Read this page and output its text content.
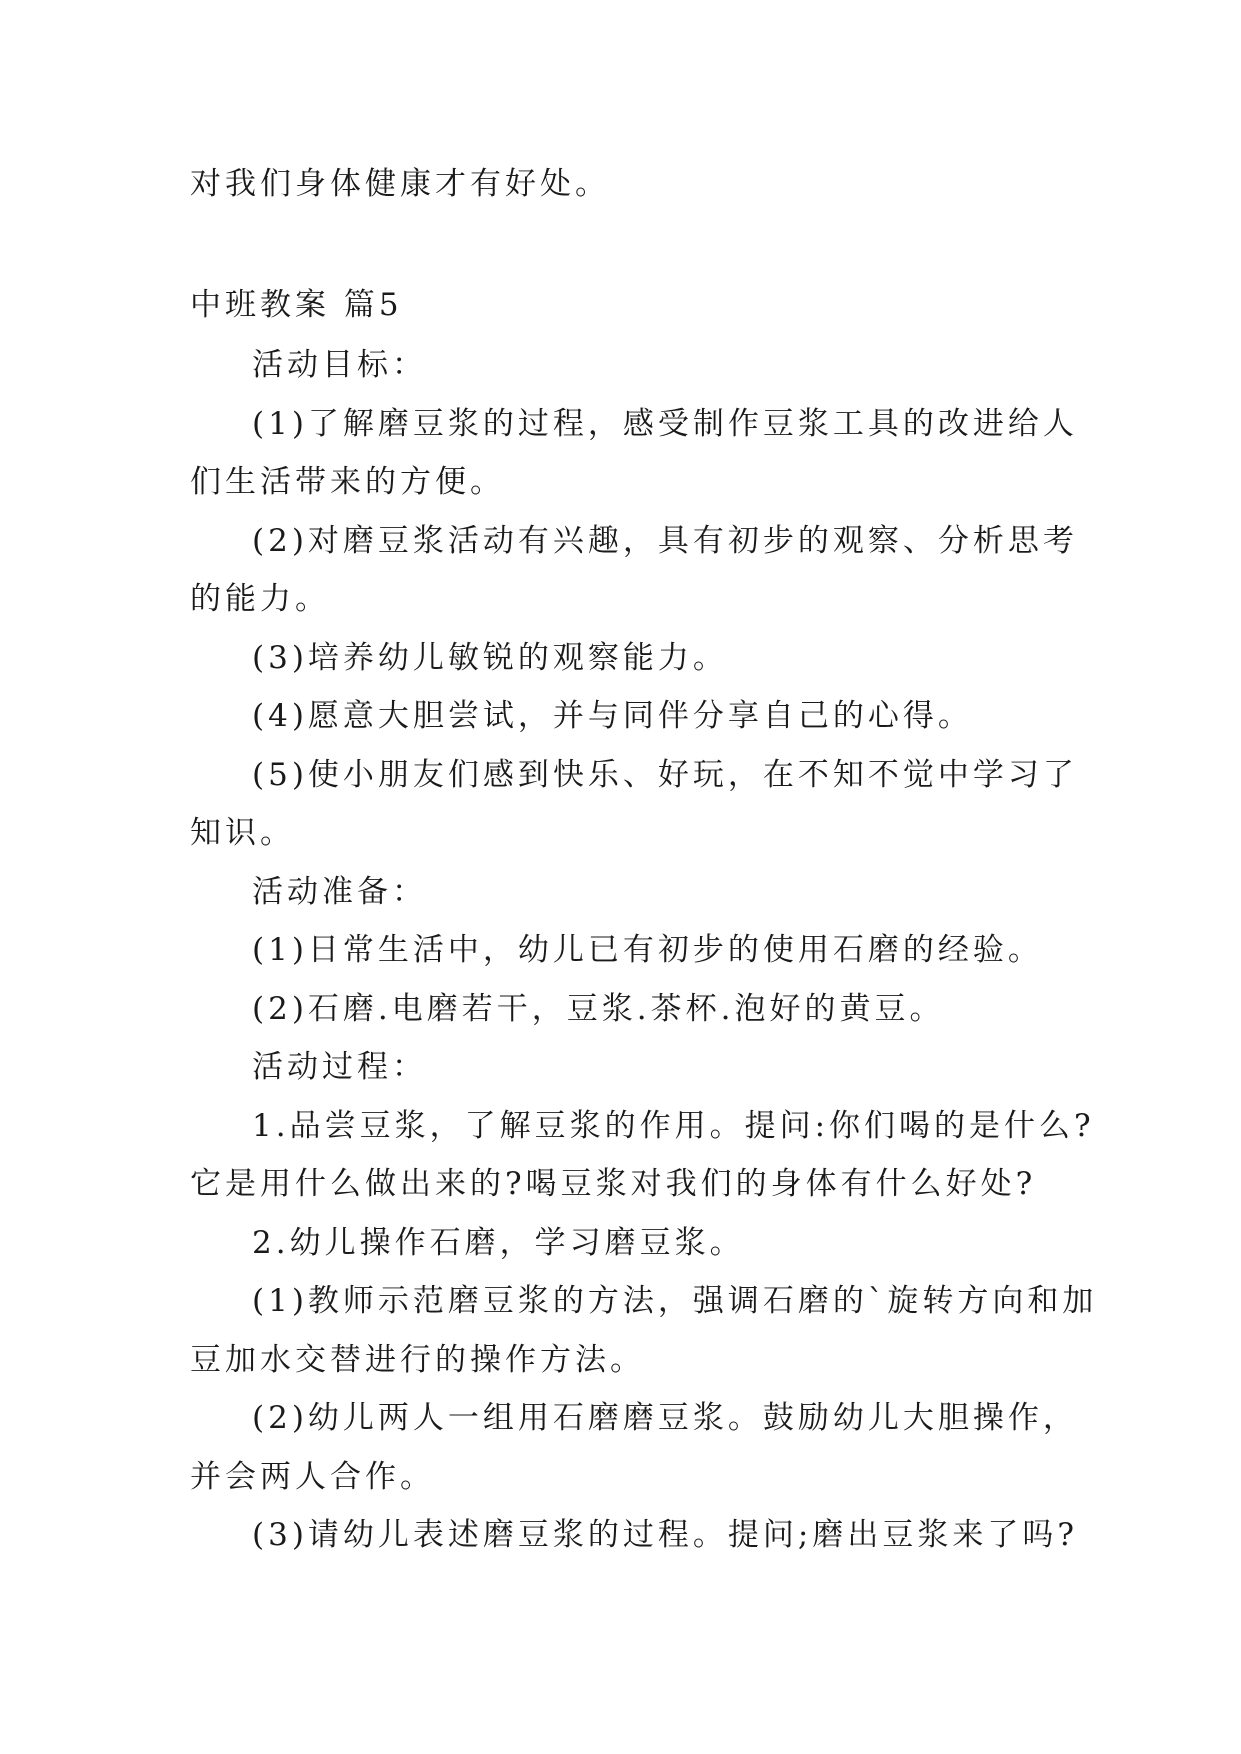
对我们身体健康才有好处。
中班教案 篇5
活动目标：
(1)了解磨豆浆的过程，感受制作豆浆工具的改进给人
们生活带来的方便。
(2)对磨豆浆活动有兴趣，具有初步的观察、分析思考
的能力。
(3)培养幼儿敏锐的观察能力。
(4)愿意大胆尝试，并与同伴分享自己的心得。
(5)使小朋友们感到快乐、好玩，在不知不觉中学习了
知识。
活动准备：
(1)日常生活中，幼儿已有初步的使用石磨的经验。
(2)石磨.电磨若干，豆浆.茶杯.泡好的黄豆。
活动过程：
1.品尝豆浆，了解豆浆的作用。提问:你们喝的是什么?
它是用什么做出来的?喝豆浆对我们的身体有什么好处?
2.幼儿操作石磨，学习磨豆浆。
(1)教师示范磨豆浆的方法，强调石磨的`旋转方向和加
豆加水交替进行的操作方法。
(2)幼儿两人一组用石磨磨豆浆。鼓励幼儿大胆操作，
并会两人合作。
(3)请幼儿表述磨豆浆的过程。提问;磨出豆浆来了吗?
